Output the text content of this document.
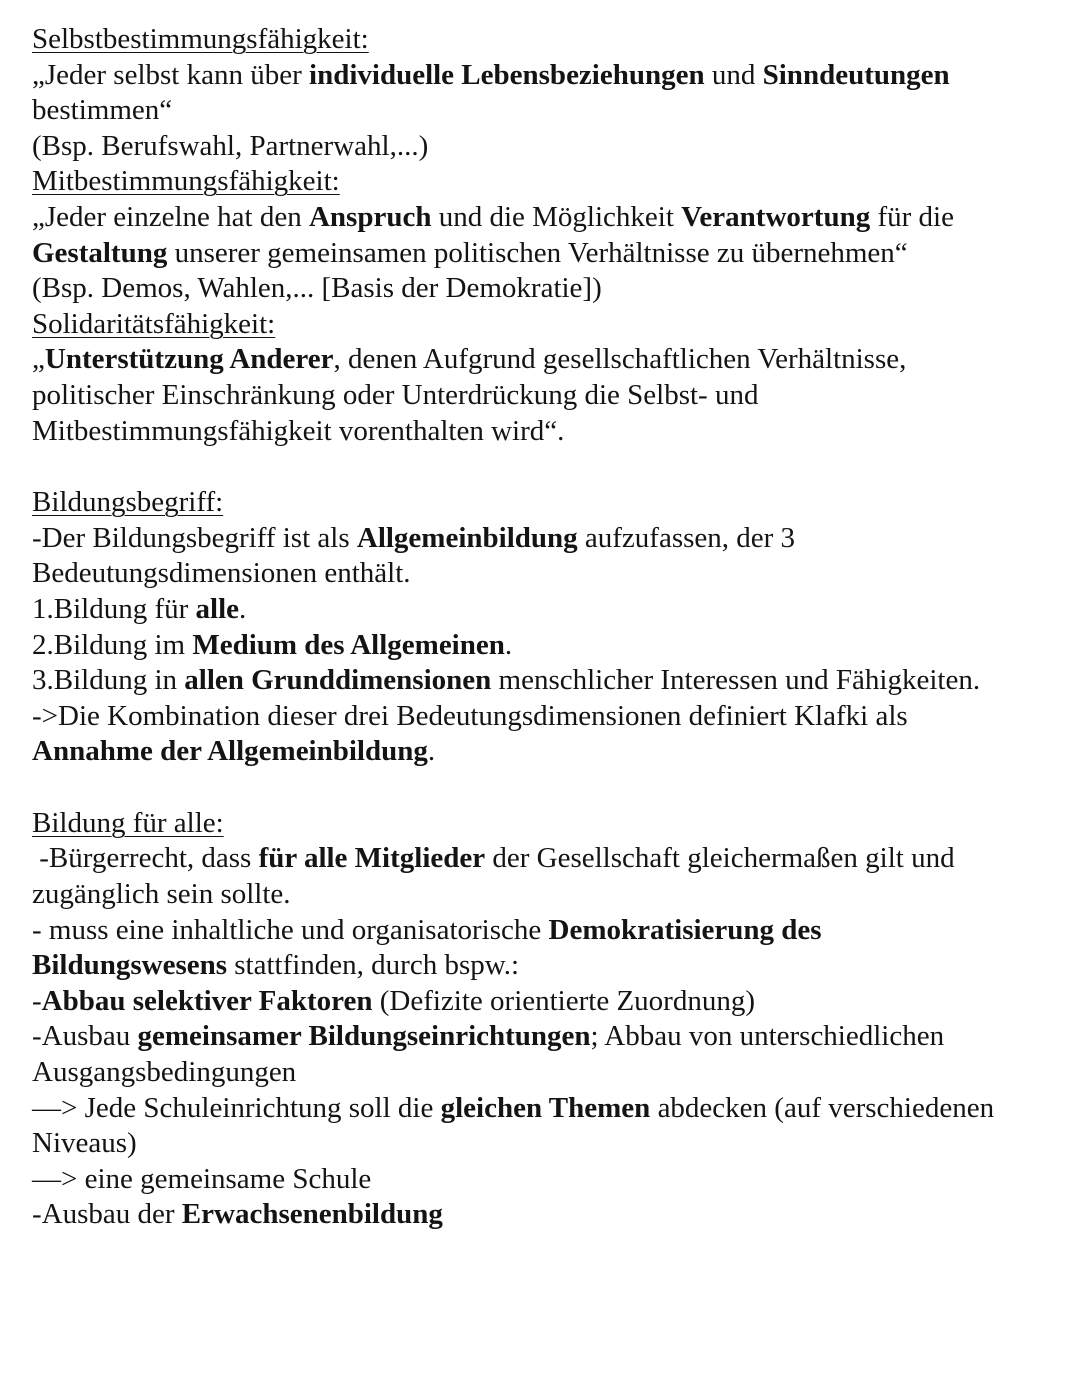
Selbstbestimmungsfähigkeit:
„Jeder selbst kann über individuelle Lebensbeziehungen und Sinndeutungen
bestimmen“
(Bsp. Berufswahl, Partnerwahl,...)
Mitbestimmungsfähigkeit:
„Jeder einzelne hat den Anspruch und die Möglichkeit Verantwortung für die
Gestaltung unserer gemeinsamen politischen Verhältnisse zu übernehmen“
(Bsp. Demos, Wahlen,... [Basis der Demokratie])
Solidaritätsfähigkeit:
„Unterstützung Anderer, denen Aufgrund gesellschaftlichen Verhältnisse,
politischer Einschränkung oder Unterdrückung die Selbst- und
Mitbestimmungsfähigkeit vorenthalten wird“.
Bildungsbegriff:
-Der Bildungsbegriff ist als Allgemeinbildung aufzufassen, der 3
Bedeutungsdimensionen enthält.
1.Bildung für alle.
2.Bildung im Medium des Allgemeinen.
3.Bildung in allen Grunddimensionen menschlicher Interessen und Fähigkeiten.
->Die Kombination dieser drei Bedeutungsdimensionen definiert Klafki als
Annahme der Allgemeinbildung.
Bildung für alle:
-Bürgerrecht, dass für alle Mitglieder der Gesellschaft gleichermaßen gilt und
zugänglich sein sollte.
- muss eine inhaltliche und organisatorische Demokratisierung des
Bildungswesens stattfinden, durch bspw.:
-Abbau selektiver Faktoren (Defizite orientierte Zuordnung)
-Ausbau gemeinsamer Bildungseinrichtungen; Abbau von unterschiedlichen
Ausgangsbedingungen
—> Jede Schuleinrichtung soll die gleichen Themen abdecken (auf verschiedenen
Niveaus)
—> eine gemeinsame Schule
-Ausbau der Erwachsenenbildung
